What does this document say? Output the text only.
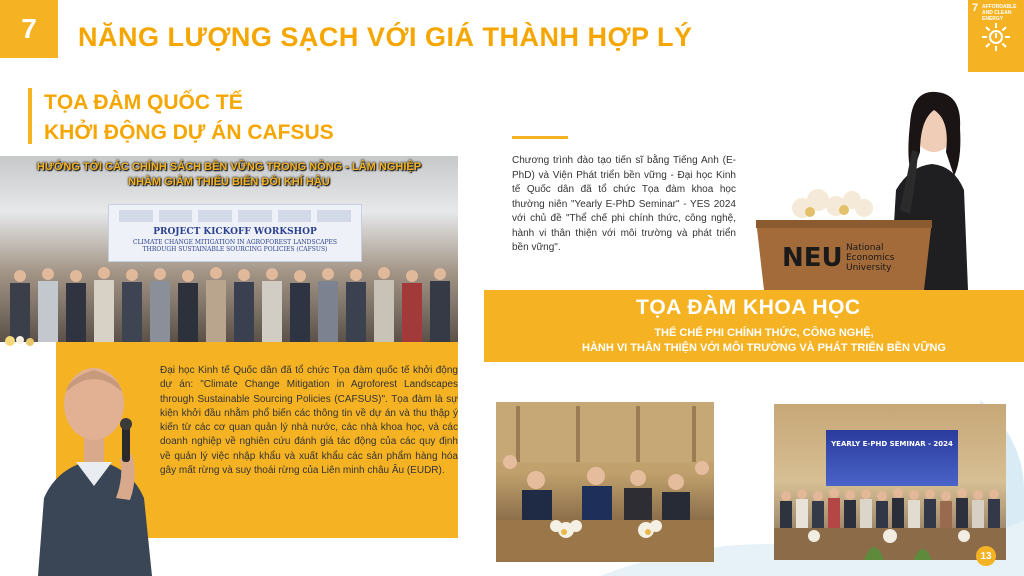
7 NĂNG LƯỢNG SẠCH VỚI GIÁ THÀNH HỢP LÝ
7 AFFORDABLE AND CLEAN ENERGY
TỌA ĐÀM QUỐC TẾ
KHỞI ĐỘNG DỰ ÁN CAFSUS
PROJECT KICKOFF WORKSHOP
CLIMATE CHANGE MITIGATION IN AGROFOREST LANDSCAPES
THROUGH SUSTAINABLE SOURCING POLICIES (CAFSUS)
HƯỚNG TỚI CÁC CHÍNH SÁCH BỀN VỮNG TRONG NÔNG - LÂM NGHIỆP
NHẰM GIẢM THIỂU BIẾN ĐỔI KHÍ HẬU
Đại học Kinh tế Quốc dân đã tổ chức Tọa đàm quốc tế khởi động dự án: "Climate Change Mitigation in Agroforest Landscapes through Sustainable Sourcing Policies (CAFSUS)". Tọa đàm là sự kiện khởi đầu nhằm phổ biến các thông tin về dự án và thu thập ý kiến từ các cơ quan quản lý nhà nước, các nhà khoa học, và các doanh nghiệp về nghiên cứu đánh giá tác động của các quy định về quản lý việc nhập khẩu và xuất khẩu các sản phẩm hàng hóa gây mất rừng và suy thoái rừng của Liên minh châu Âu (EUDR).
Chương trình đào tạo tiến sĩ bằng Tiếng Anh (E-PhD) và Viện Phát triển bền vững - Đại học Kinh tế Quốc dân đã tổ chức Tọa đàm khoa học thường niên "Yearly E-PhD Seminar" - YES 2024 với chủ đề "Thể chế phi chính thức, công nghệ, hành vi thân thiện với môi trường và phát triển bền vững".	NEU National
Economics
University
TỌA ĐÀM KHOA HỌC
THỂ CHẾ PHI CHÍNH THỨC, CÔNG NGHỆ,
HÀNH VI THÂN THIỆN VỚI MÔI TRƯỜNG VÀ PHÁT TRIỂN BỀN VỮNG
YEARLY E-PHD SEMINAR - 2024
13
